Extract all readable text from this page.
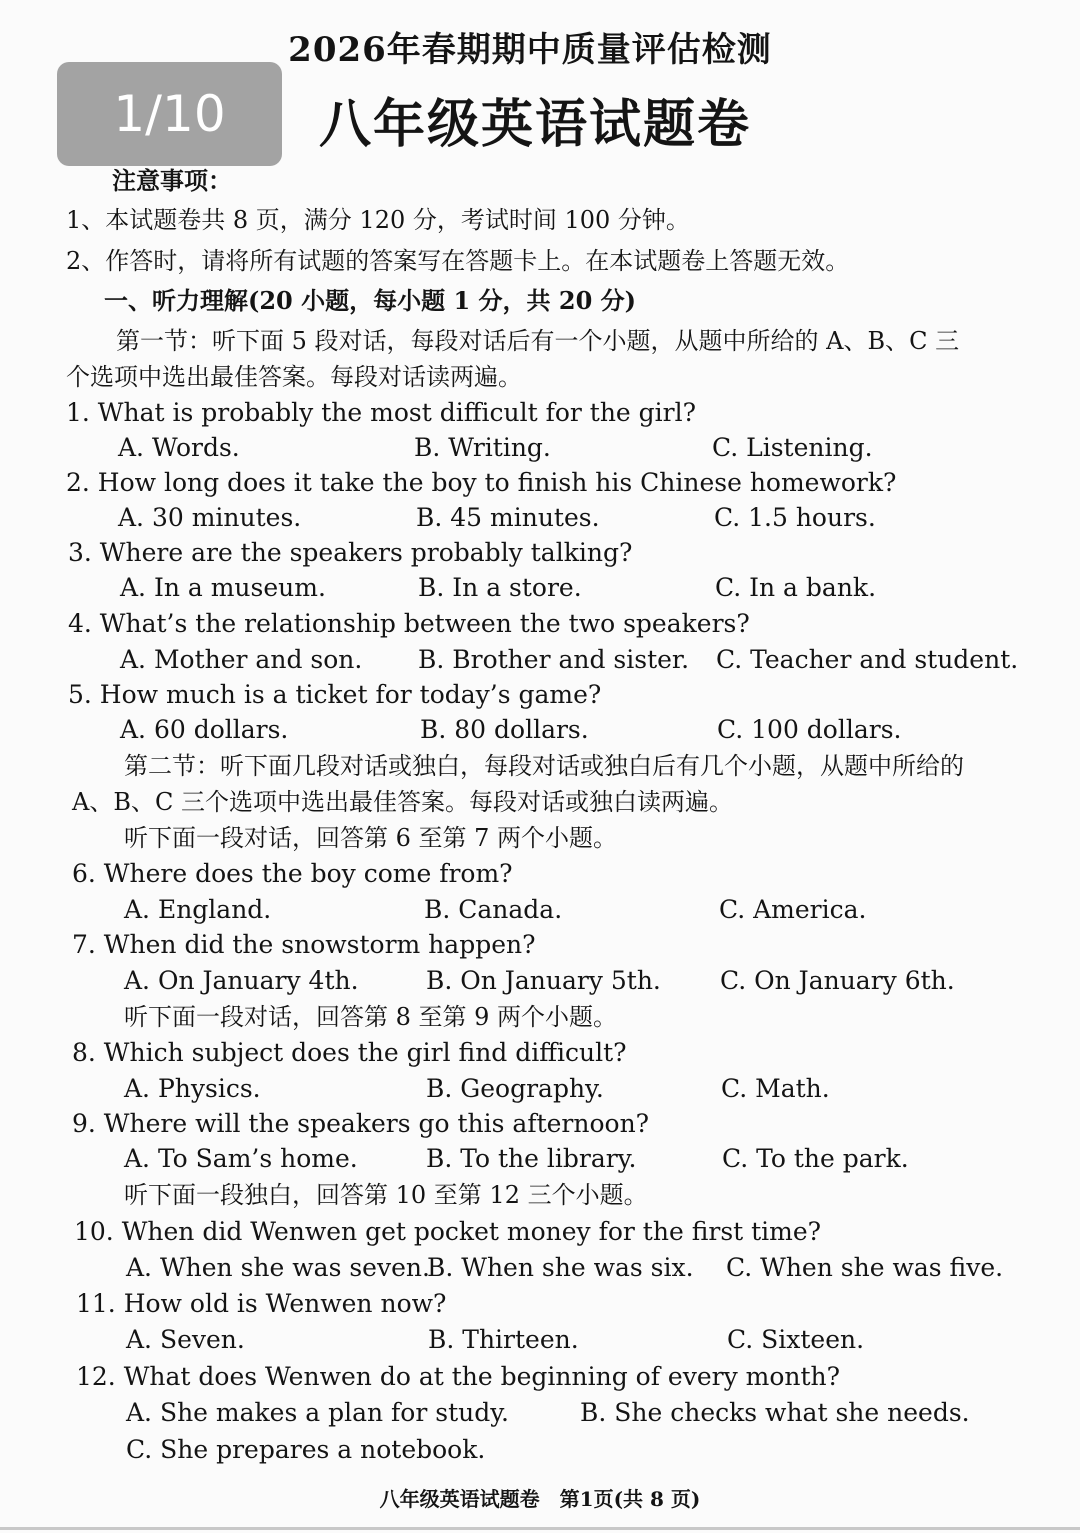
2026年春期期中质量评估检测
八年级英语试题卷
1/10
注意事项：
1、本试题卷共 8 页，满分 120 分，考试时间 100 分钟。
2、作答时，请将所有试题的答案写在答题卡上。在本试题卷上答题无效。
一、听力理解(20 小题，每小题 1 分，共 20 分)
第一节：听下面 5 段对话，每段对话后有一个小题，从题中所给的 A、B、C 三
个选项中选出最佳答案。每段对话读两遍。
1. What is probably the most difficult for the girl?
A. Words.	B. Writing.	C. Listening.
2. How long does it take the boy to finish his Chinese homework?
A. 30 minutes.	B. 45 minutes.	C. 1.5 hours.
3. Where are the speakers probably talking?
A. In a museum.	B. In a store.	C. In a bank.
4. What’s the relationship between the two speakers?
A. Mother and son. B. Brother and sister. C. Teacher and student.
5. How much is a ticket for today’s game?
A. 60 dollars.	B. 80 dollars.	C. 100 dollars.
第二节：听下面几段对话或独白，每段对话或独白后有几个小题，从题中所给的
A、B、C 三个选项中选出最佳答案。每段对话或独白读两遍。
听下面一段对话，回答第 6 至第 7 两个小题。
6. Where does the boy come from?
A. England.	B. Canada.	C. America.
7. When did the snowstorm happen?
A. On January 4th.	B. On January 5th. C. On January 6th.
听下面一段对话，回答第 8 至第 9 两个小题。
8. Which subject does the girl find difficult?
A. Physics.	B. Geography.	C. Math.
9. Where will the speakers go this afternoon?
A. To Sam’s home.	B. To the library.	C. To the park.
听下面一段独白，回答第 10 至第 12 三个小题。
10. When did Wenwen get pocket money for the first time?
A. When she was seven.
B. When she was six. C. When she was five.
11. How old is Wenwen now?
A. Seven.	B. Thirteen.	C. Sixteen.
12. What does Wenwen do at the beginning of every month?
A. She makes a plan for study.	B. She checks what she needs.
C. She prepares a notebook.
八年级英语试题卷　第1页(共 8 页)
